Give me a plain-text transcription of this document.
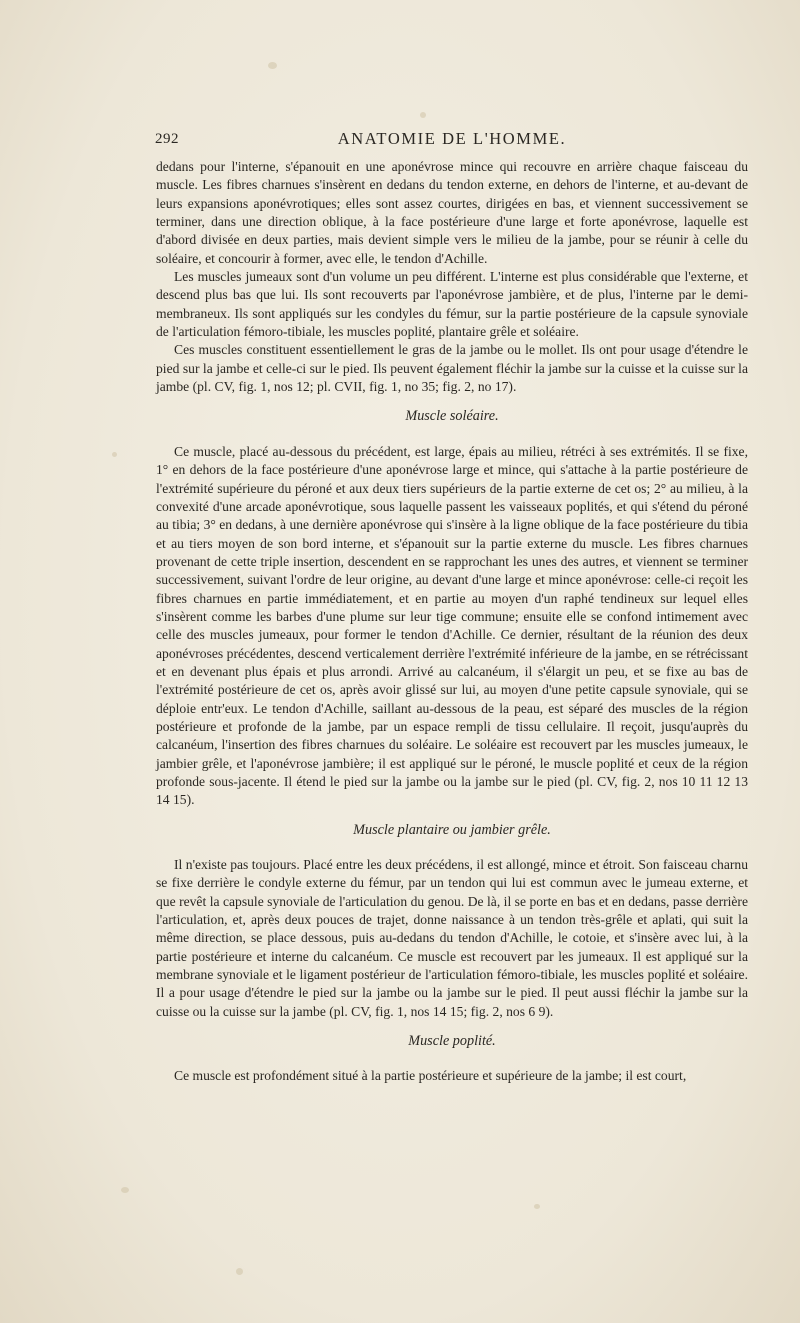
292	ANATOMIE DE L'HOMME.

dedans pour l'interne, s'épanouit en une aponévrose mince qui recouvre en arrière chaque faisceau du muscle. Les fibres charnues s'insèrent en dedans du tendon externe, en dehors de l'interne, et au-devant de leurs expansions aponévrotiques; elles sont assez courtes, dirigées en bas, et viennent successivement se terminer, dans une direction oblique, à la face postérieure d'une large et forte aponévrose, laquelle est d'abord divisée en deux parties, mais devient simple vers le milieu de la jambe, pour se réunir à celle du soléaire, et concourir à former, avec elle, le tendon d'Achille.

Les muscles jumeaux sont d'un volume un peu différent. L'interne est plus considérable que l'externe, et descend plus bas que lui. Ils sont recouverts par l'aponévrose jambière, et de plus, l'interne par le demi-membraneux. Ils sont appliqués sur les condyles du fémur, sur la partie postérieure de la capsule synoviale de l'articulation fémoro-tibiale, les muscles poplité, plantaire grêle et soléaire.

Ces muscles constituent essentiellement le gras de la jambe ou le mollet. Ils ont pour usage d'étendre le pied sur la jambe et celle-ci sur le pied. Ils peuvent également fléchir la jambe sur la cuisse et la cuisse sur la jambe (pl. CV, fig. 1, nos 12; pl. CVII, fig. 1, no 35; fig. 2, no 17).

Muscle soléaire.

Ce muscle, placé au-dessous du précédent, est large, épais au milieu, rétréci à ses extrémités. Il se fixe, 1° en dehors de la face postérieure d'une aponévrose large et mince, qui s'attache à la partie postérieure de l'extrémité supérieure du péroné et aux deux tiers supérieurs de la partie externe de cet os; 2° au milieu, à la convexité d'une arcade aponévrotique, sous laquelle passent les vaisseaux poplités, et qui s'étend du péroné au tibia; 3° en dedans, à une dernière aponévrose qui s'insère à la ligne oblique de la face postérieure du tibia et au tiers moyen de son bord interne, et s'épanouit sur la partie externe du muscle. Les fibres charnues provenant de cette triple insertion, descendent en se rapprochant les unes des autres, et viennent se terminer successivement, suivant l'ordre de leur origine, au devant d'une large et mince aponévrose: celle-ci reçoit les fibres charnues en partie immédiatement, et en partie au moyen d'un raphé tendineux sur lequel elles s'insèrent comme les barbes d'une plume sur leur tige commune; ensuite elle se confond intimement avec celle des muscles jumeaux, pour former le tendon d'Achille. Ce dernier, résultant de la réunion des deux aponévroses précédentes, descend verticalement derrière l'extrémité inférieure de la jambe, en se rétrécissant et en devenant plus épais et plus arrondi. Arrivé au calcanéum, il s'élargit un peu, et se fixe au bas de l'extrémité postérieure de cet os, après avoir glissé sur lui, au moyen d'une petite capsule synoviale, qui se déploie entr'eux. Le tendon d'Achille, saillant au-dessous de la peau, est séparé des muscles de la région postérieure et profonde de la jambe, par un espace rempli de tissu cellulaire. Il reçoit, jusqu'auprès du calcanéum, l'insertion des fibres charnues du soléaire. Le soléaire est recouvert par les muscles jumeaux, le jambier grêle, et l'aponévrose jambière; il est appliqué sur le péroné, le muscle poplité et ceux de la région profonde sous-jacente. Il étend le pied sur la jambe ou la jambe sur le pied (pl. CV, fig. 2, nos 10 11 12 13 14 15).

Muscle plantaire ou jambier grêle.

Il n'existe pas toujours. Placé entre les deux précédens, il est allongé, mince et étroit. Son faisceau charnu se fixe derrière le condyle externe du fémur, par un tendon qui lui est commun avec le jumeau externe, et que revêt la capsule synoviale de l'articulation du genou. De là, il se porte en bas et en dedans, passe derrière l'articulation, et, après deux pouces de trajet, donne naissance à un tendon très-grêle et aplati, qui suit la même direction, se place dessous, puis au-dedans du tendon d'Achille, le cotoie, et s'insère avec lui, à la partie postérieure et interne du calcanéum. Ce muscle est recouvert par les jumeaux. Il est appliqué sur la membrane synoviale et le ligament postérieur de l'articulation fémoro-tibiale, les muscles poplité et soléaire. Il a pour usage d'étendre le pied sur la jambe ou la jambe sur le pied. Il peut aussi fléchir la jambe sur la cuisse ou la cuisse sur la jambe (pl. CV, fig. 1, nos 14 15; fig. 2, nos 6 9).

Muscle poplité.

Ce muscle est profondément situé à la partie postérieure et supérieure de la jambe; il est court,
